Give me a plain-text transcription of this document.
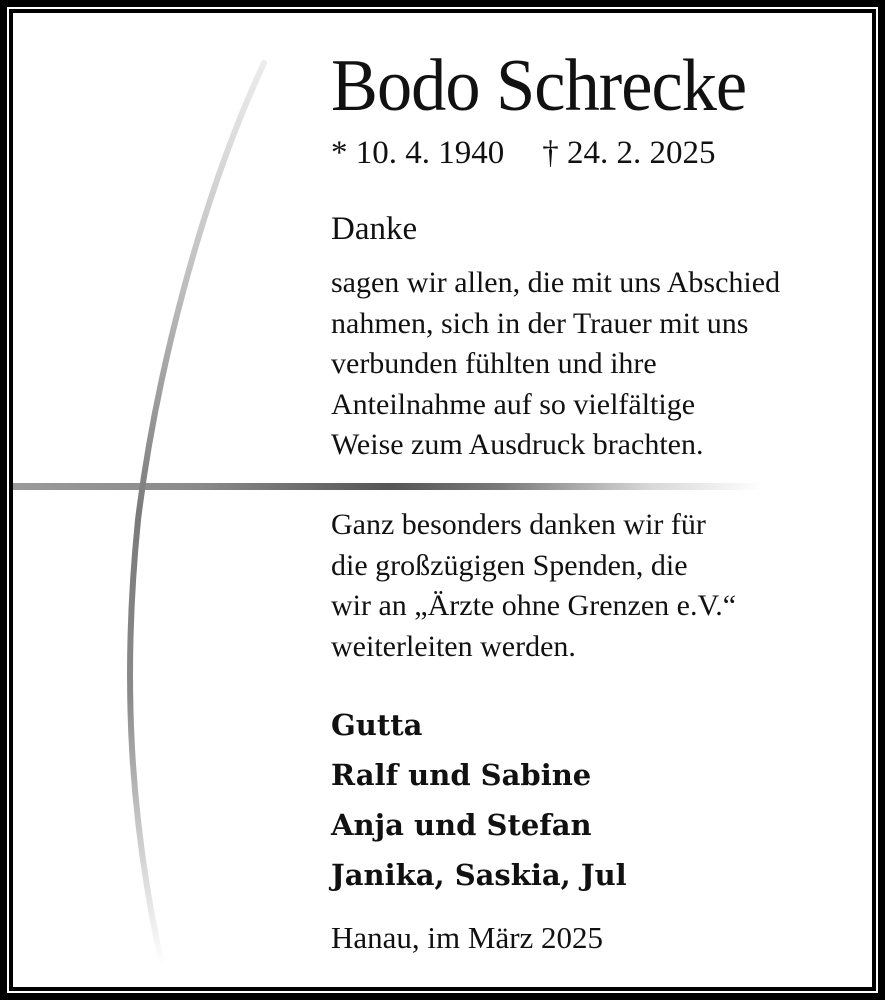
Bodo Schrecke
* 10. 4. 1940 † 24. 2. 2025
Danke
sagen wir allen, die mit uns Abschied
nahmen, sich in der Trauer mit uns
verbunden fühlten und ihre
Anteilnahme auf so vielfältige
Weise zum Ausdruck brachten.
Ganz besonders danken wir für
die großzügigen Spenden, die
wir an „Ärzte ohne Grenzen e.V.“
weiterleiten werden.
Gutta
Ralf und Sabine
Anja und Stefan
Janika, Saskia, Jul
Hanau, im März 2025
